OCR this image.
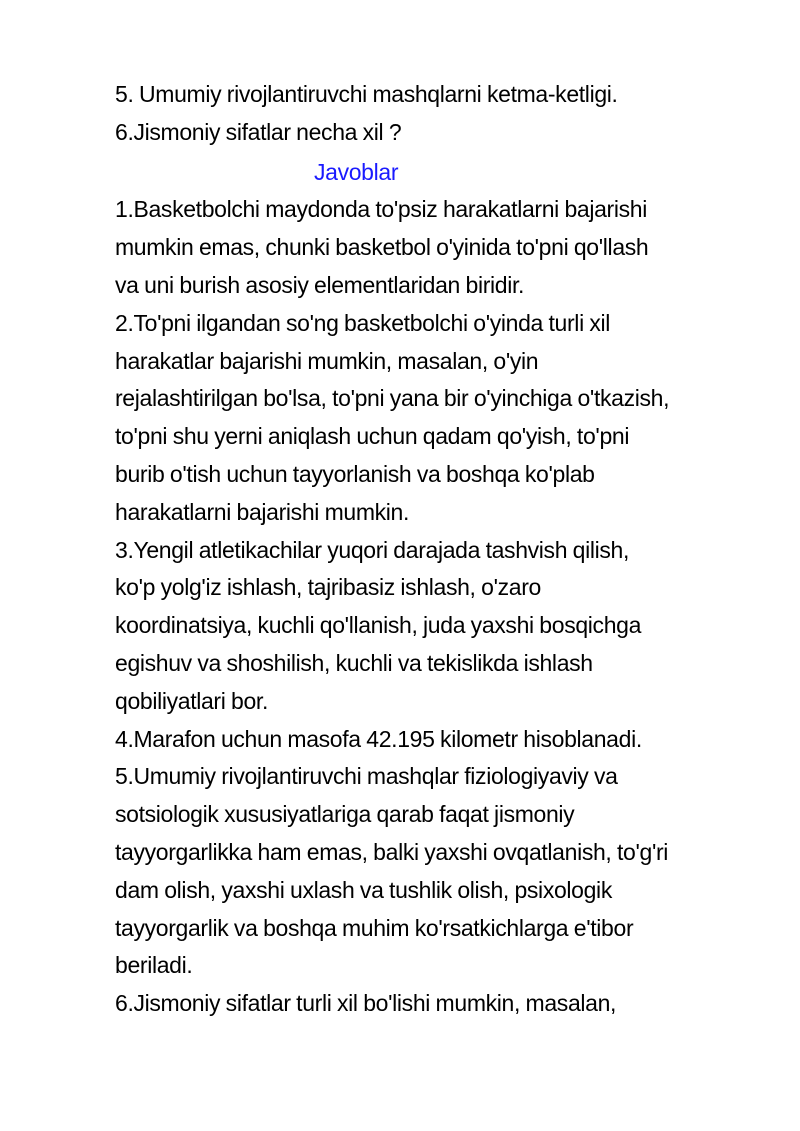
5. Umumiy rivojlantiruvchi mashqlarni ketma-ketligi.
6.Jismoniy sifatlar necha xil ?
Javoblar
1.Basketbolchi maydonda to'psiz harakatlarni bajarishi
mumkin emas, chunki basketbol o'yinida to'pni qo'llash
va uni burish asosiy elementlaridan biridir.
2.To'pni ilgandan so'ng basketbolchi o'yinda turli xil
harakatlar bajarishi mumkin, masalan, o'yin
rejalashtirilgan bo'lsa, to'pni yana bir o'yinchiga o'tkazish,
to'pni shu yerni aniqlash uchun qadam qo'yish, to'pni
burib o'tish uchun tayyorlanish va boshqa ko'plab
harakatlarni bajarishi mumkin.
3.Yengil atletikachilar yuqori darajada tashvish qilish,
ko'p yolg'iz ishlash, tajribasiz ishlash, o'zaro
koordinatsiya, kuchli qo'llanish, juda yaxshi bosqichga
egishuv va shoshilish, kuchli va tekislikda ishlash
qobiliyatlari bor.
4.Marafon uchun masofa 42.195 kilometr hisoblanadi.
5.Umumiy rivojlantiruvchi mashqlar fiziologiyaviy va
sotsiologik xususiyatlariga qarab faqat jismoniy
tayyorgarlikka ham emas, balki yaxshi ovqatlanish, to'g'ri
dam olish, yaxshi uxlash va tushlik olish, psixologik
tayyorgarlik va boshqa muhim ko'rsatkichlarga e'tibor
beriladi.
6.Jismoniy sifatlar turli xil bo'lishi mumkin, masalan,
